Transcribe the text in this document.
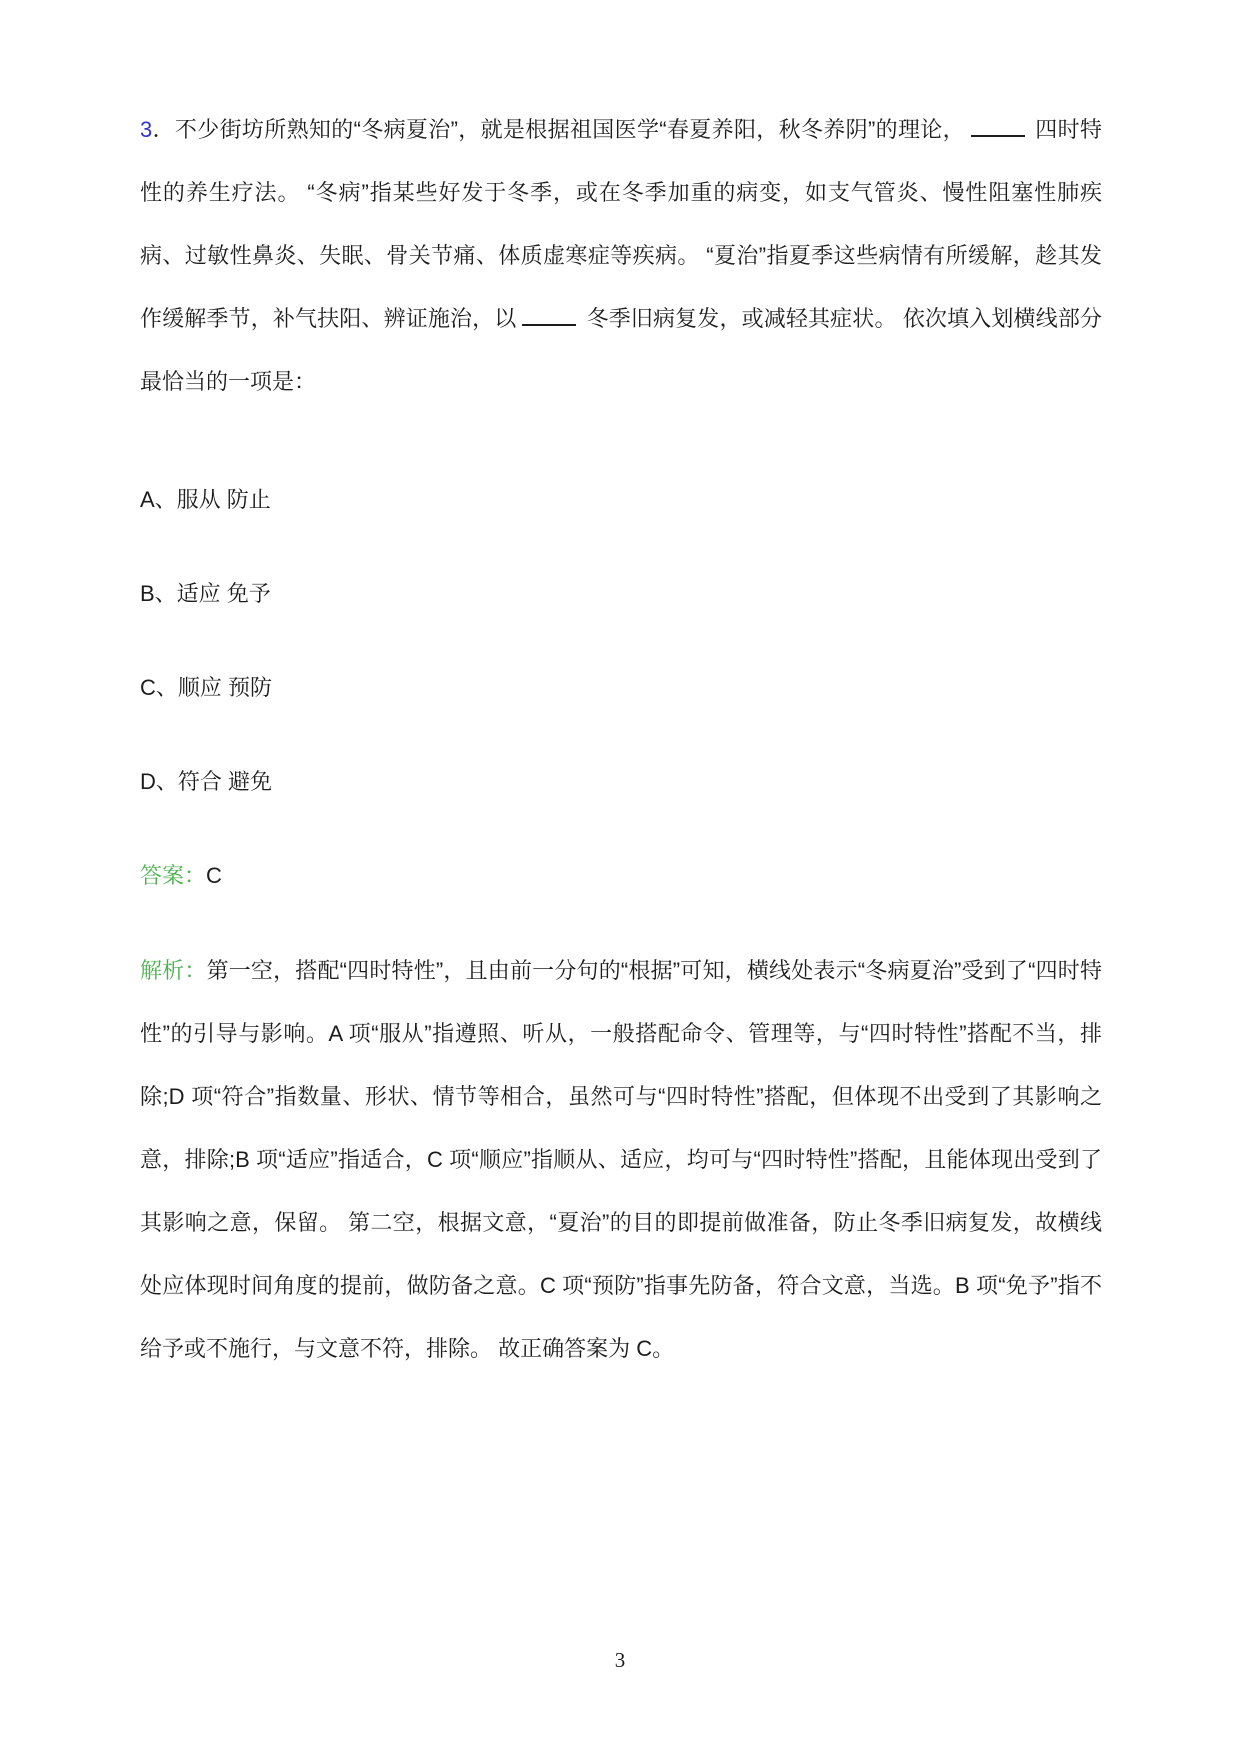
3．不少街坊所熟知的“冬病夏治”，就是根据祖国医学“春夏养阳，秋冬养阴”的理论，	四时特性的养生疗法。 “冬病”指某些好发于冬季，或在冬季加重的病变，如支气管炎、慢性阻塞性肺疾病、过敏性鼻炎、失眠、骨关节痛、体质虚寒症等疾病。 “夏治”指夏季这些病情有所缓解，趁其发作缓解季节，补气扶阳、辨证施治，以	冬季旧病复发，或减轻其症状。 依次填入划横线部分最恰当的一项是：

A、服从 防止

B、适应 免予

C、顺应 预防

D、符合 避免

答案：C

解析：第一空，搭配“四时特性”，且由前一分句的“根据”可知，横线处表示“冬病夏治”受到了“四时特性”的引导与影响。A 项“服从”指遵照、听从，一般搭配命令、管理等，与“四时特性”搭配不当，排除;D 项“符合”指数量、形状、情节等相合，虽然可与“四时特性”搭配，但体现不出受到了其影响之意，排除;B 项“适应”指适合，C 项“顺应”指顺从、适应，均可与“四时特性”搭配，且能体现出受到了其影响之意，保留。 第二空，根据文意，“夏治”的目的即提前做准备，防止冬季旧病复发，故横线处应体现时间角度的提前，做防备之意。C 项“预防”指事先防备，符合文意，当选。B 项“免予”指不给予或不施行，与文意不符，排除。 故正确答案为 C。

3
